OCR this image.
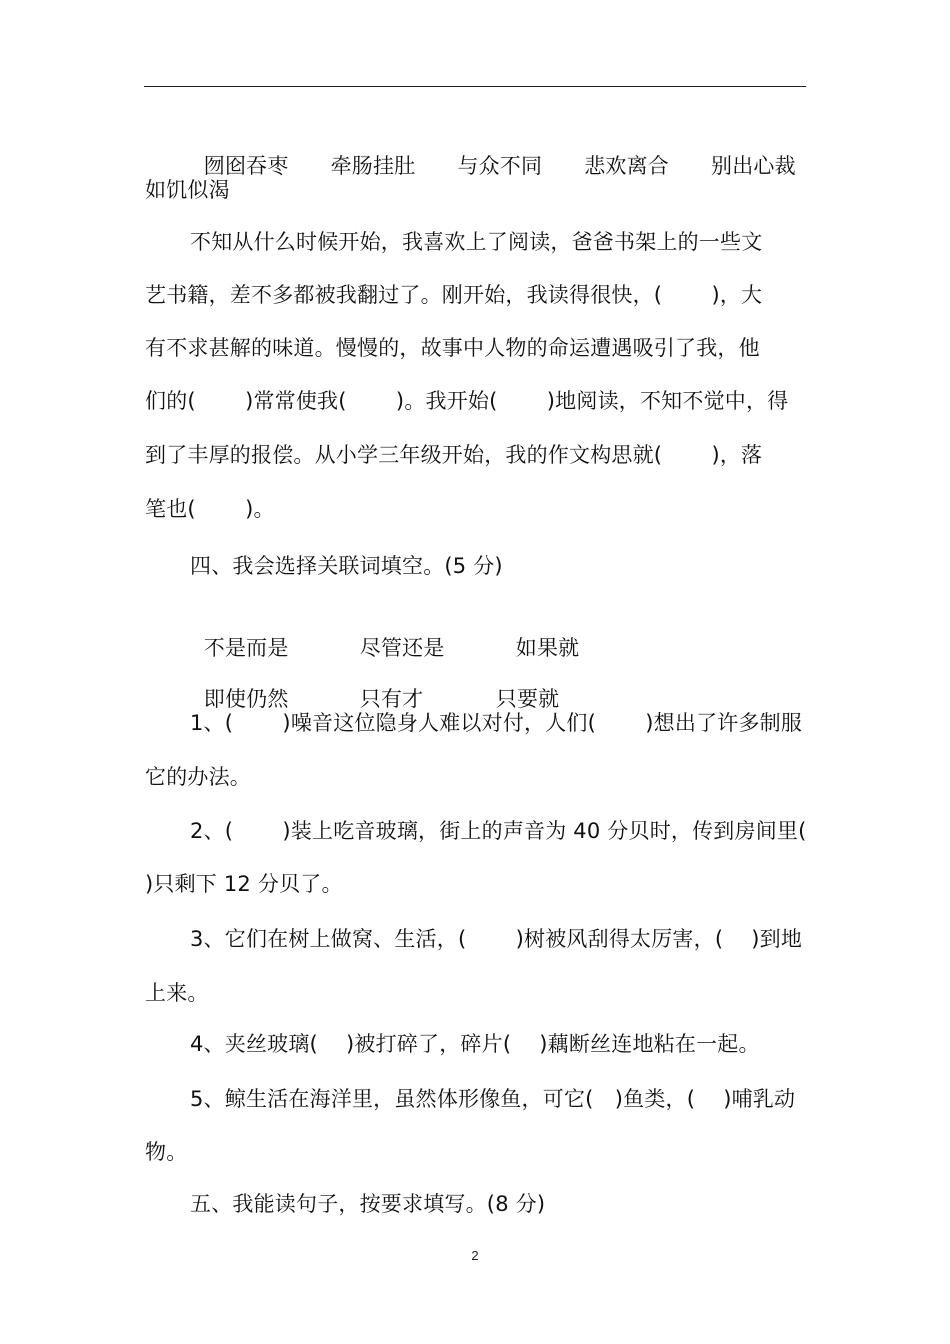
囫囵吞枣 牵肠挂肚 与众不同 悲欢离合 别出心裁

如饥似渴
不知从什么时候开始，我喜欢上了阅读，爸爸书架上的一些文
艺书籍，差不多都被我翻过了。刚开始，我读得很快，(　　 )，大
有不求甚解的味道。慢慢的，故事中人物的命运遭遇吸引了我，他
们的(　　 )常常使我(　　 )。我开始(　　 )地阅读，不知不觉中，得
到了丰厚的报偿。从小学三年级开始，我的作文构思就(　　 )，落
笔也(　　 )。
四、我会选择关联词填空。(5 分)

不是而是	尽管还是	如果就

即使仍然	只有才	只要就

1、(　　 )噪音这位隐身人难以对付，人们(　　 )想出了许多制服
它的办法。
2、(　　 )装上吃音玻璃，街上的声音为 40 分贝时，传到房间里(
)只剩下 12 分贝了。
3、它们在树上做窝、生活，(　　 )树被风刮得太厉害，(　 )到地
上来。
4、夹丝玻璃(　 )被打碎了，碎片(　 )藕断丝连地粘在一起。
5、鲸生活在海洋里，虽然体形像鱼，可它(　)鱼类，(　 )哺乳动
物。
五、我能读句子，按要求填写。(8 分)
2
